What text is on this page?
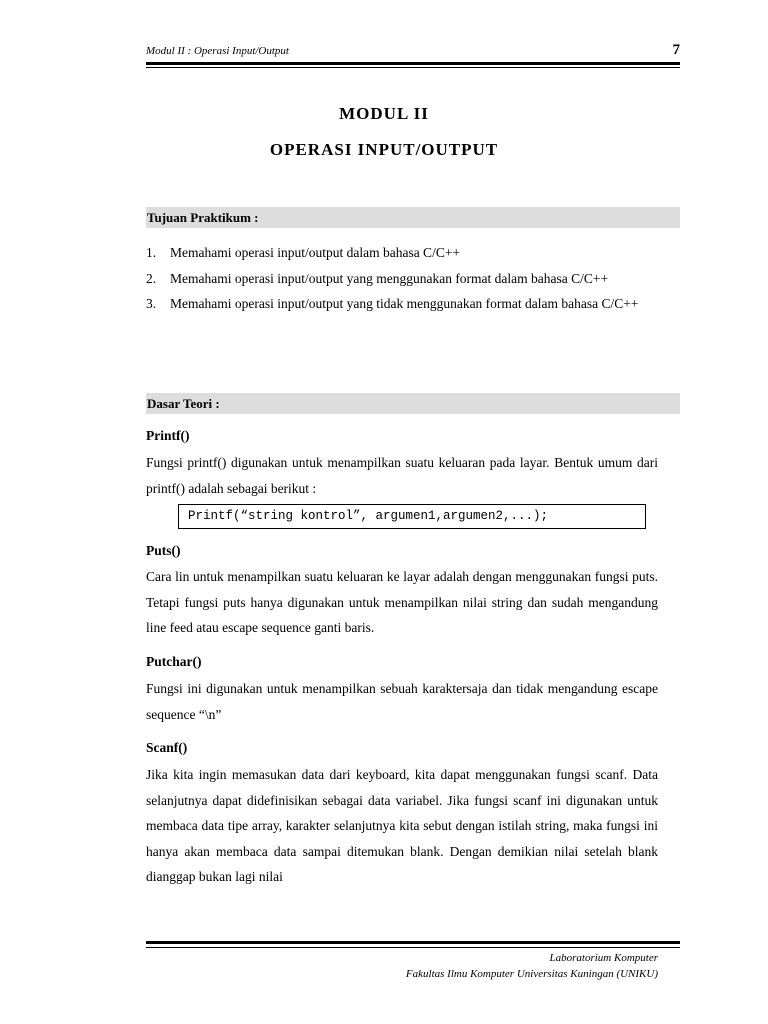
Modul II : Operasi Input/Output	7
MODUL II
OPERASI INPUT/OUTPUT
Tujuan Praktikum :
1. Memahami operasi input/output dalam bahasa C/C++
2. Memahami operasi input/output yang menggunakan format dalam bahasa C/C++
3. Memahami operasi input/output yang tidak menggunakan format dalam bahasa C/C++
Dasar Teori :
Printf()
Fungsi printf() digunakan untuk menampilkan suatu keluaran pada layar. Bentuk umum dari printf() adalah sebagai berikut :
Printf(“string kontrol”, argumen1,argumen2,...);
Puts()
Cara lin untuk menampilkan suatu keluaran ke layar adalah dengan menggunakan fungsi puts. Tetapi fungsi puts hanya digunakan untuk menampilkan nilai string dan sudah mengandung line feed atau escape sequence ganti baris.
Putchar()
Fungsi ini digunakan untuk menampilkan sebuah karaktersaja dan tidak mengandung escape sequence “\n”
Scanf()
Jika kita ingin memasukan data dari keyboard, kita dapat menggunakan fungsi scanf. Data selanjutnya dapat didefinisikan sebagai data variabel. Jika fungsi scanf ini digunakan untuk membaca data tipe array, karakter selanjutnya kita sebut dengan istilah string, maka fungsi ini hanya akan membaca data sampai ditemukan blank. Dengan demikian nilai setelah blank dianggap bukan lagi nilai
Laboratorium Komputer
Fakultas Ilmu Komputer Universitas Kuningan (UNIKU)
